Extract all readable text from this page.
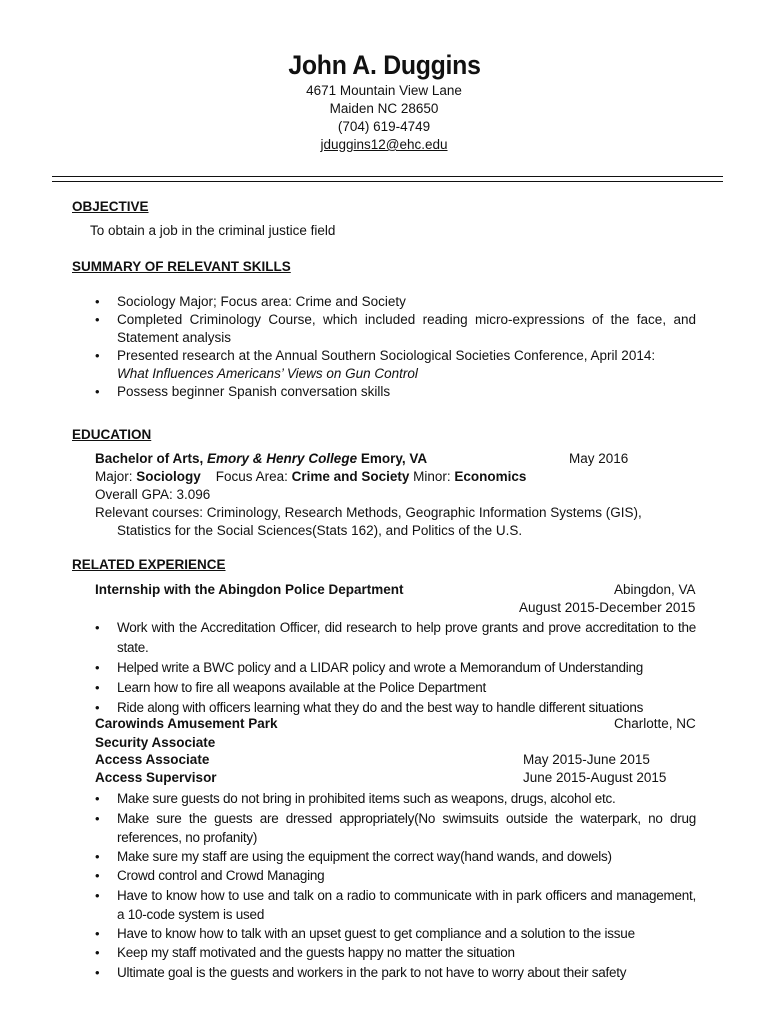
John A. Duggins
4671 Mountain View Lane
Maiden NC 28650
(704) 619-4749
jduggins12@ehc.edu
OBJECTIVE
To obtain a job in the criminal justice field
SUMMARY OF RELEVANT SKILLS
• Sociology Major; Focus area: Crime and Society
• Completed Criminology Course, which included reading micro-expressions of the face, and Statement analysis
• Presented research at the Annual Southern Sociological Societies Conference, April 2014:
What Influences Americans’ Views on Gun Control
• Possess beginner Spanish conversation skills
EDUCATION
Bachelor of Arts, Emory & Henry College Emory, VA	May 2016
Major: Sociology Focus Area: Crime and Society Minor: Economics
Overall GPA: 3.096
Relevant courses: Criminology, Research Methods, Geographic Information Systems (GIS),
Statistics for the Social Sciences(Stats 162), and Politics of the U.S.
RELATED EXPERIENCE
Internship with the Abingdon Police Department	Abingdon, VA
August 2015-December 2015
• Work with the Accreditation Officer, did research to help prove grants and prove accreditation to the state.
• Helped write a BWC policy and a LIDAR policy and wrote a Memorandum of Understanding
• Learn how to fire all weapons available at the Police Department
• Ride along with officers learning what they do and the best way to handle different situations
Carowinds Amusement Park	Charlotte, NC
Security Associate
Access Associate	May 2015-June 2015
Access Supervisor	June 2015-August 2015
• Make sure guests do not bring in prohibited items such as weapons, drugs, alcohol etc.
• Make sure the guests are dressed appropriately(No swimsuits outside the waterpark, no drug references, no profanity)
• Make sure my staff are using the equipment the correct way(hand wands, and dowels)
• Crowd control and Crowd Managing
• Have to know how to use and talk on a radio to communicate with in park officers and management, a 10-code system is used
• Have to know how to talk with an upset guest to get compliance and a solution to the issue
• Keep my staff motivated and the guests happy no matter the situation
• Ultimate goal is the guests and workers in the park to not have to worry about their safety
